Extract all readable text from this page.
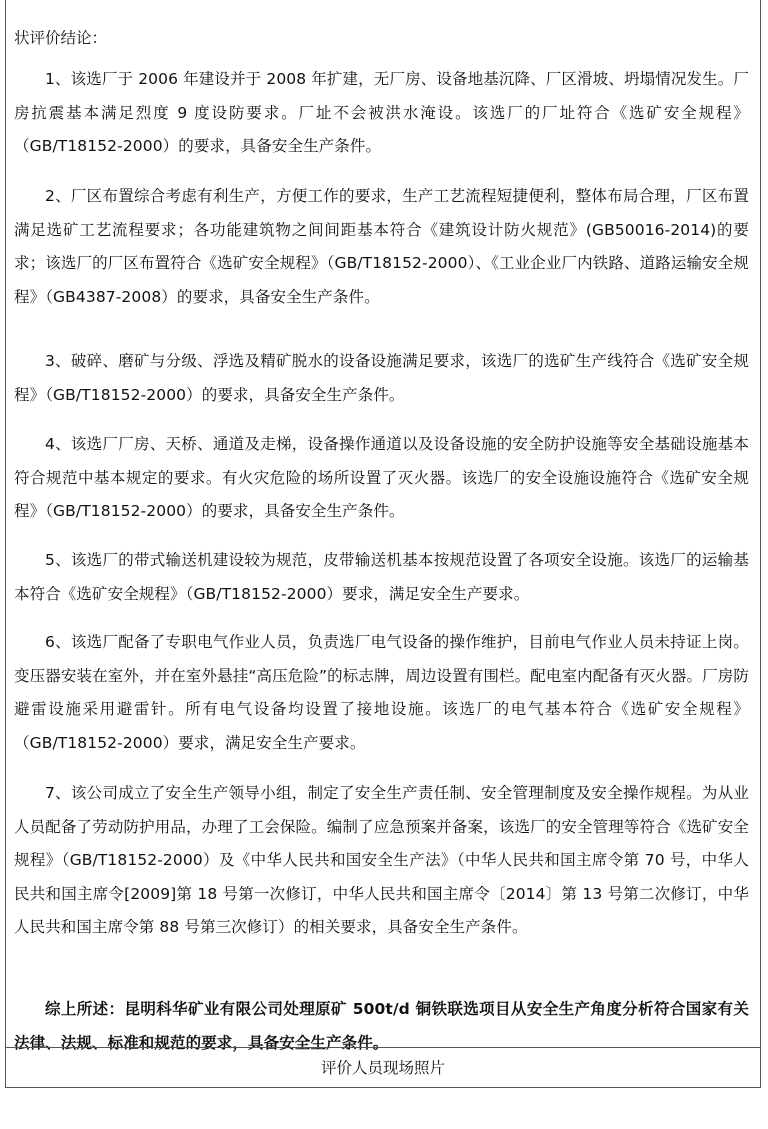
状评价结论：

1、该选厂于 2006 年建设并于 2008 年扩建，无厂房、设备地基沉降、厂区滑坡、坍塌情况发生。厂房抗震基本满足烈度 9 度设防要求。厂址不会被洪水淹设。该选厂的厂址符合《选矿安全规程》（GB/T18152-2000）的要求，具备安全生产条件。

2、厂区布置综合考虑有利生产，方便工作的要求，生产工艺流程短捷便利，整体布局合理，厂区布置满足选矿工艺流程要求；各功能建筑物之间间距基本符合《建筑设计防火规范》(GB50016-2014)的要求；该选厂的厂区布置符合《选矿安全规程》（GB/T18152-2000）、《工业企业厂内铁路、道路运输安全规程》（GB4387-2008）的要求，具备安全生产条件。

3、破碎、磨矿与分级、浮选及精矿脱水的设备设施满足要求，该选厂的选矿生产线符合《选矿安全规程》（GB/T18152-2000）的要求，具备安全生产条件。

4、该选厂厂房、天桥、通道及走梯，设备操作通道以及设备设施的安全防护设施等安全基础设施基本符合规范中基本规定的要求。有火灾危险的场所设置了灭火器。该选厂的安全设施设施符合《选矿安全规程》（GB/T18152-2000）的要求，具备安全生产条件。

5、该选厂的带式输送机建设较为规范，皮带输送机基本按规范设置了各项安全设施。该选厂的运输基本符合《选矿安全规程》（GB/T18152-2000）要求，满足安全生产要求。

6、该选厂配备了专职电气作业人员，负责选厂电气设备的操作维护，目前电气作业人员未持证上岗。变压器安装在室外，并在室外悬挂“高压危险”的标志牌，周边设置有围栏。配电室内配备有灭火器。厂房防避雷设施采用避雷针。所有电气设备均设置了接地设施。该选厂的电气基本符合《选矿安全规程》（GB/T18152-2000）要求，满足安全生产要求。

7、该公司成立了安全生产领导小组，制定了安全生产责任制、安全管理制度及安全操作规程。为从业人员配备了劳动防护用品，办理了工会保险。编制了应急预案并备案，该选厂的安全管理等符合《选矿安全规程》（GB/T18152-2000）及《中华人民共和国安全生产法》（中华人民共和国主席令第 70 号，中华人民共和国主席令[2009]第 18 号第一次修订，中华人民共和国主席令〔2014〕第 13 号第二次修订，中华人民共和国主席令第 88 号第三次修订）的相关要求，具备安全生产条件。

综上所述：昆明科华矿业有限公司处理原矿 500t/d 铜铁联选项目从安全生产角度分析符合国家有关法律、法规、标准和规范的要求，具备安全生产条件。

评价人员现场照片
